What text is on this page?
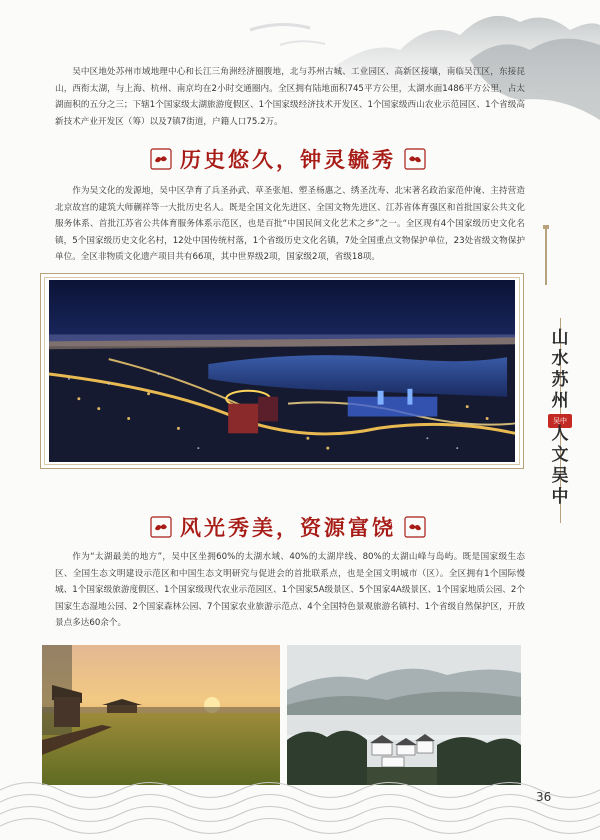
吴中区地处苏州市域地理中心和长江三角洲经济圈腹地，北与苏州古城、工业园区、高新区接壤，南临吴江区，东接昆山，西衔太湖，与上海、杭州、南京均在2小时交通圈内。全区拥有陆地面积745平方公里，太湖水面1486平方公里，占太湖面积的五分之三；下辖1个国家级太湖旅游度假区、1个国家级经济技术开发区、1个国家级西山农业示范园区、1个省级高新技术产业开发区（筹）以及7镇7街道，户籍人口75.2万。

历史悠久，钟灵毓秀

作为吴文化的发源地，吴中区孕育了兵圣孙武、草圣张旭、塑圣杨惠之、绣圣沈寿、北宋著名政治家范仲淹、主持营造北京故宫的建筑大师蒯祥等一大批历史名人。既是全国文化先进区、全国文物先进区、江苏省体育强区和首批国家公共文化服务体系、首批江苏省公共体育服务体系示范区，也是百批“中国民间文化艺术之乡”之一。全区现有4个国家级历史文化名镇，5个国家级历史文化名村，12处中国传统村落，1个省级历史文化名镇，7处全国重点文物保护单位，23处省级文物保护单位。全区非物质文化遗产项目共有66项，其中世界级2项，国家级2项，省级18项。

风光秀美，资源富饶

作为“太湖最美的地方”，吴中区坐拥60%的太湖水域、40%的太湖岸线、80%的太湖山峰与岛屿。既是国家级生态区、全国生态文明建设示范区和中国生态文明研究与促进会的首批联系点，也是全国文明城市（区）。全区拥有1个国际慢城、1个国家级旅游度假区、1个国家级现代农业示范园区、1个国家5A级景区、5个国家4A级景区、1个国家地质公园、2个国家生态湿地公园、2个国家森林公园、7个国家农业旅游示范点、4个全国特色景观旅游名镇村、1个省级自然保护区，开放景点多达60余个。

山水苏州
吴中
人文吴中
36
